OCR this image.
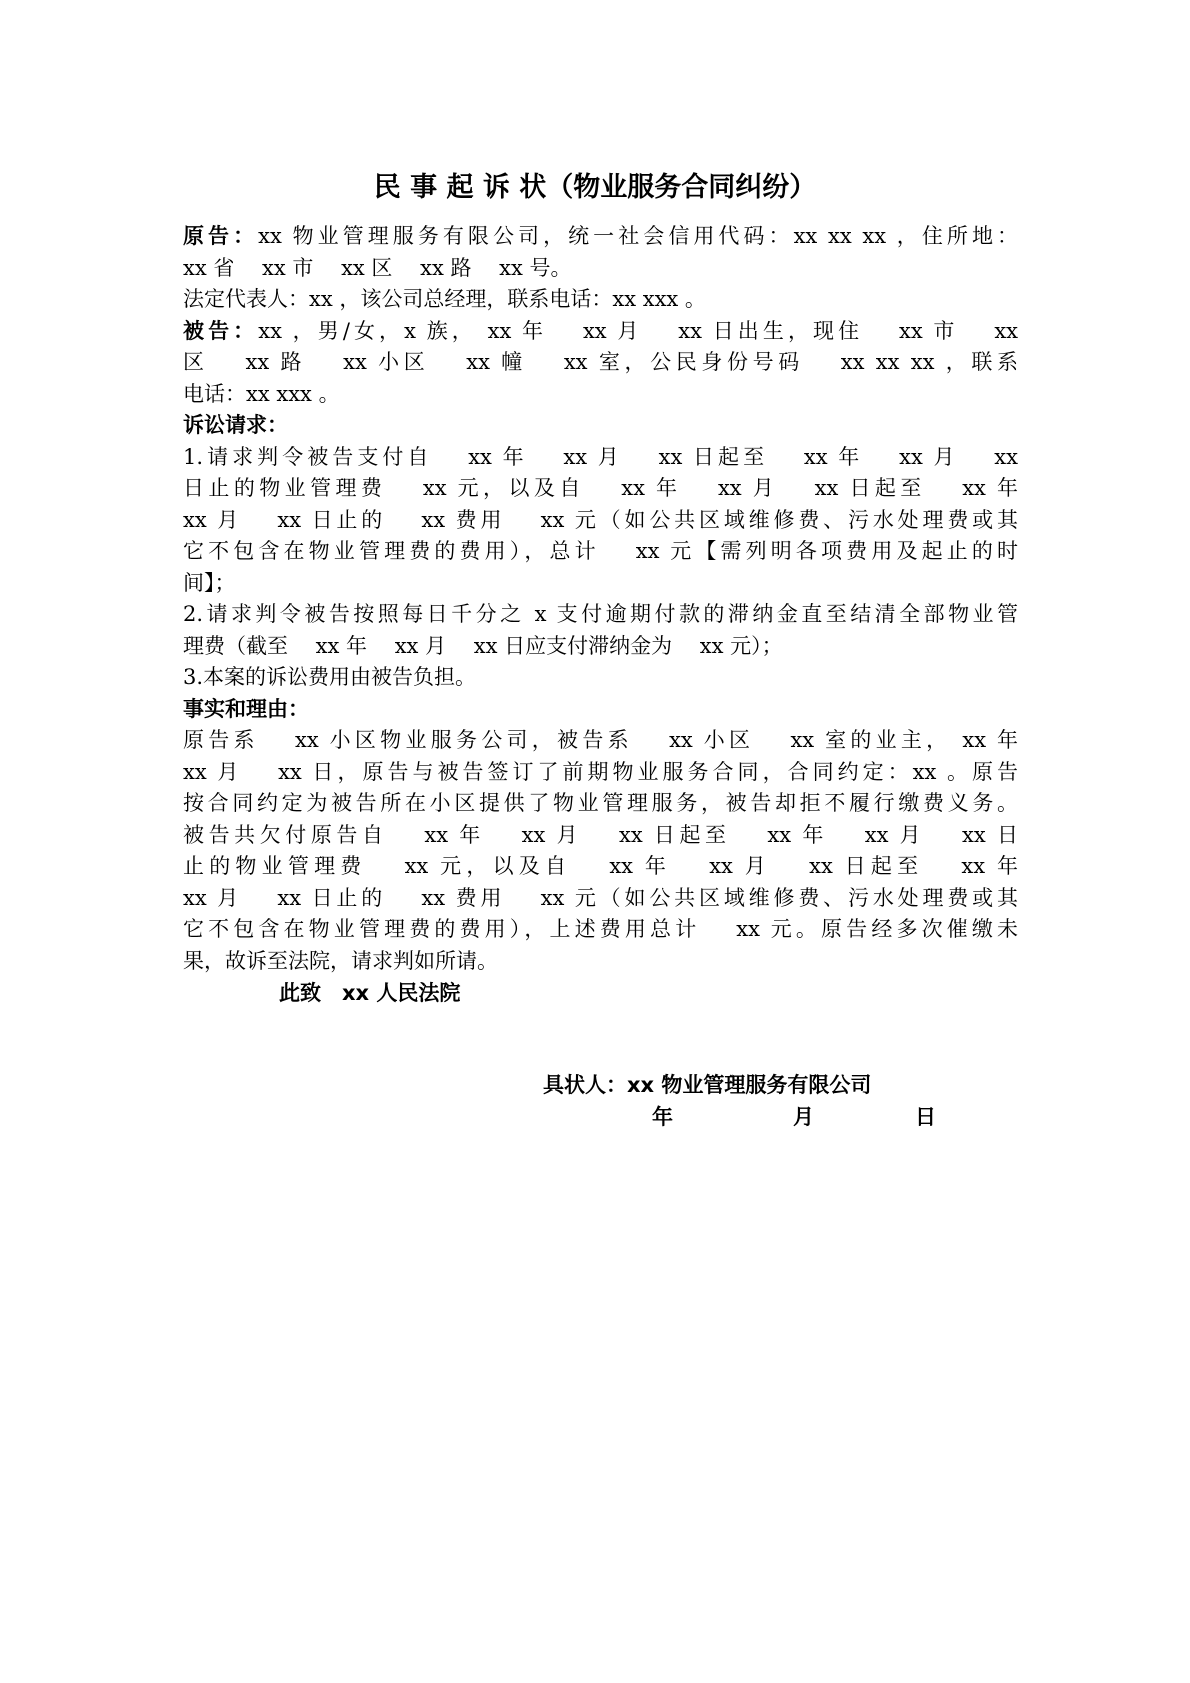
民 事 起 诉 状（物业服务合同纠纷）
原告：xx 物业管理服务有限公司，统一社会信用代码：xx xx xx ，住所地：
xx 省　 xx 市　 xx 区　 xx 路　 xx 号。
法定代表人：xx ，该公司总经理，联系电话：xx xxx 。
被告：xx ，男/女，x 族， xx 年　 xx 月　 xx 日出生，现住　 xx 市　 xx
区　 xx 路　 xx 小区　 xx 幢　 xx 室，公民身份号码　 xx xx xx ，联系
电话：xx xxx 。
诉讼请求：
1.请求判令被告支付自　 xx 年　 xx 月　 xx 日起至　 xx 年　 xx 月　 xx
日止的物业管理费　 xx 元，以及自　 xx 年　 xx 月　 xx 日起至　 xx 年
xx 月　 xx 日止的　 xx 费用　 xx 元（如公共区域维修费、污水处理费或其
它不包含在物业管理费的费用），总计　 xx 元【需列明各项费用及起止的时
间】；
2.请求判令被告按照每日千分之 x 支付逾期付款的滞纳金直至结清全部物业管
理费（截至　 xx 年　 xx 月　 xx 日应支付滞纳金为　 xx 元）；
3.本案的诉讼费用由被告负担。
事实和理由：
原告系　 xx 小区物业服务公司，被告系　 xx 小区　 xx 室的业主， xx 年
xx 月　 xx 日，原告与被告签订了前期物业服务合同，合同约定：xx 。原告
按合同约定为被告所在小区提供了物业管理服务，被告却拒不履行缴费义务。
被告共欠付原告自　 xx 年　 xx 月　 xx 日起至　 xx 年　 xx 月　 xx 日
止的物业管理费　 xx 元，以及自　 xx 年　 xx 月　 xx 日起至　 xx 年
xx 月　 xx 日止的　 xx 费用　 xx 元（如公共区域维修费、污水处理费或其
它不包含在物业管理费的费用），上述费用总计　 xx 元。原告经多次催缴未
果，故诉至法院，请求判如所请。
此致　xx 人民法院
具状人：xx 物业管理服务有限公司
年	月	日
